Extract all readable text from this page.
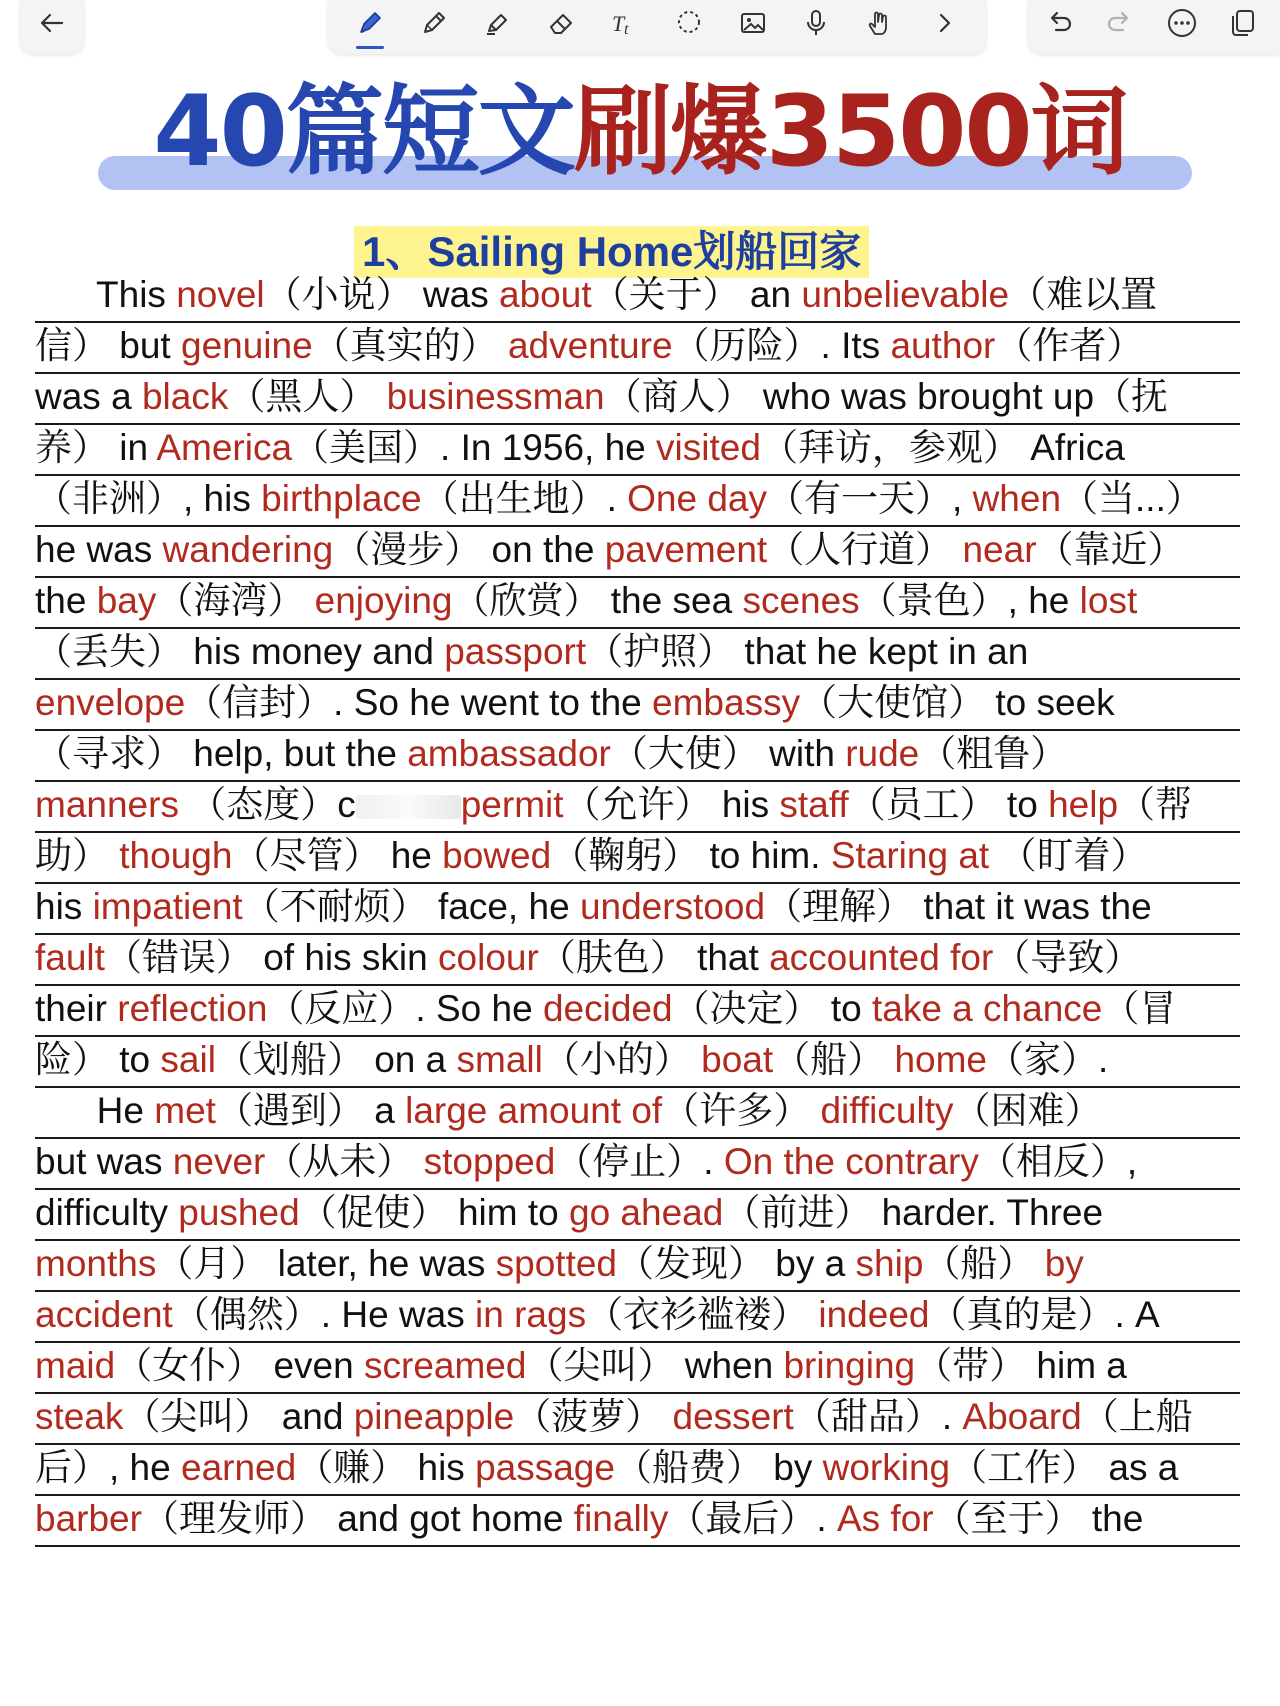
T t
40篇短文刷爆3500词
1、Sailing Home划船回家
This novel（小说） was about（关于） an unbelievable（难以置
信） but genuine（真实的） adventure（历险）. Its author（作者）
was a black（黑人） businessman（商人） who was brought up（抚
养） in America（美国）. In 1956, he visited（拜访，参观） Africa
（非洲）, his birthplace（出生地）. One day（有一天）, when（当...）
he was wandering（漫步） on the pavement（人行道） near（靠近）
the bay（海湾） enjoying（欣赏） the sea scenes（景色）, he lost
（丢失） his money and passport（护照） that he kept in an
envelope（信封）. So he went to the embassy（大使馆） to seek
（寻求） help, but the ambassador（大使） with rude（粗鲁）
manners （态度）c	permit（允许） his staff（员工） to help（帮
助） though（尽管） he bowed（鞠躬） to him. Staring at （盯着）
his impatient（不耐烦） face, he understood（理解） that it was the
fault（错误） of his skin colour（肤色） that accounted for（导致）
their reflection（反应）. So he decided（决定） to take a chance（冒
险） to sail（划船） on a small（小的） boat（船） home（家）.
He met（遇到） a large amount of（许多） difficulty（困难）
but was never（从未） stopped（停止）. On the contrary（相反）,
difficulty pushed（促使） him to go ahead（前进） harder. Three
months（月） later, he was spotted（发现） by a ship（船） by
accident（偶然）. He was in rags（衣衫褴褛） indeed（真的是）. A
maid（女仆） even screamed（尖叫） when bringing（带） him a
steak（尖叫） and pineapple（菠萝） dessert（甜品）. Aboard（上船
后）, he earned（赚） his passage（船费） by working（工作） as a
barber（理发师） and got home finally（最后）. As for（至于） the
